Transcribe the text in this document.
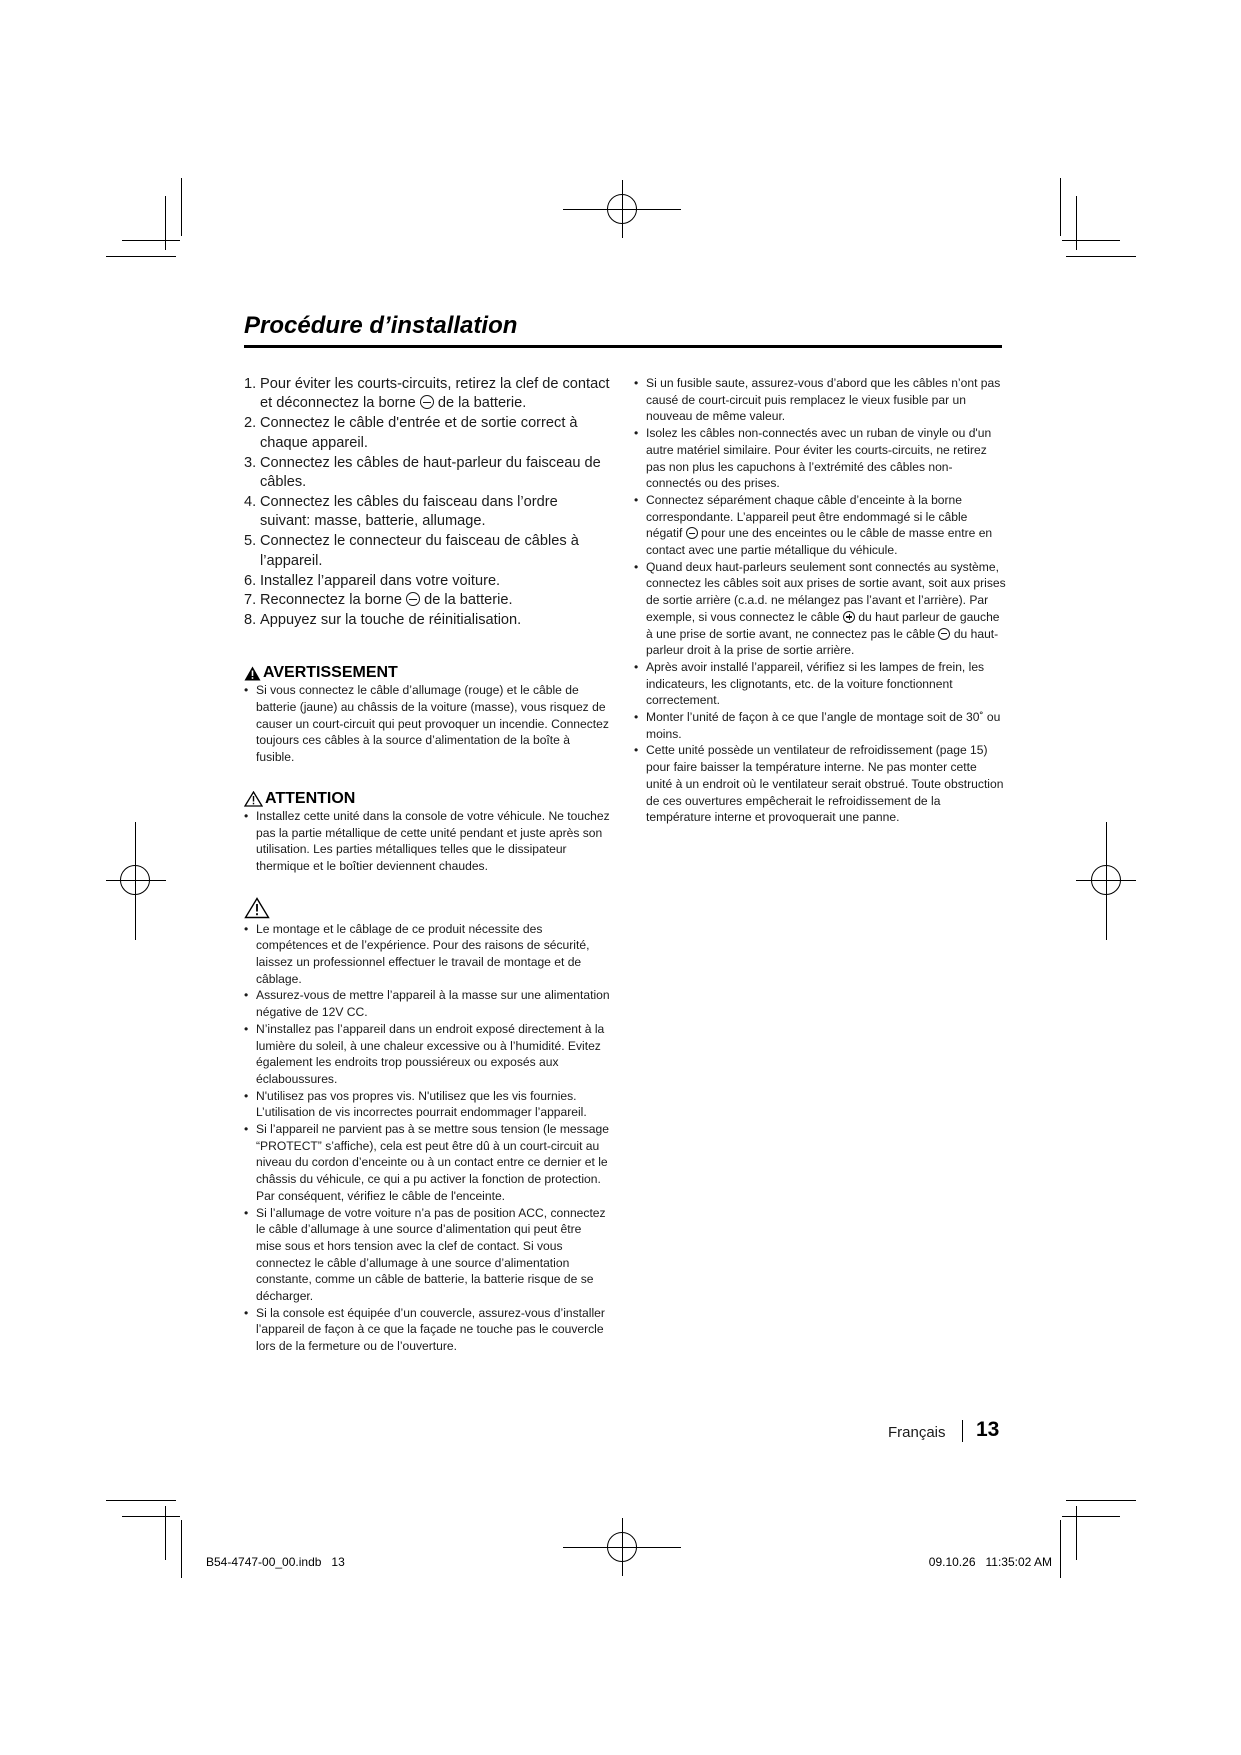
Procédure d’installation
1. Pour éviter les courts-circuits, retirez la clef de contact et déconnectez la borne  de la batterie.
2. Connectez le câble d'entrée et de sortie correct à chaque appareil.
3. Connectez les câbles de haut-parleur du faisceau de câbles.
4. Connectez les câbles du faisceau dans l’ordre suivant: masse, batterie, allumage.
5. Connectez le connecteur du faisceau de câbles à l’appareil.
6. Installez l’appareil dans votre voiture.
7. Reconnectez la borne  de la batterie.
8. Appuyez sur la touche de réinitialisation.
AVERTISSEMENT
• Si vous connectez le câble d’allumage (rouge) et le câble de batterie (jaune) au châssis de la voiture (masse), vous risquez de causer un court-circuit qui peut provoquer un incendie. Connectez toujours ces câbles à la source d’alimentation de la boîte à fusible.
ATTENTION
• Installez cette unité dans la console de votre véhicule. Ne touchez pas la partie métallique de cette unité pendant et juste après son utilisation. Les parties métalliques telles que le dissipateur thermique et le boîtier deviennent chaudes.
• Le montage et le câblage de ce produit nécessite des compétences et de l’expérience. Pour des raisons de sécurité, laissez un professionnel effectuer le travail de montage et de câblage.
• Assurez-vous de mettre l’appareil à la masse sur une alimentation négative de 12V CC.
• N’installez pas l’appareil dans un endroit exposé directement à la lumière du soleil, à une chaleur excessive ou à l’humidité. Evitez également les endroits trop poussiéreux ou exposés aux éclaboussures.
• N'utilisez pas vos propres vis. N'utilisez que les vis fournies. L’utilisation de vis incorrectes pourrait endommager l’appareil.
• Si l’appareil ne parvient pas à se mettre sous tension (le message “PROTECT” s’affiche), cela est peut être dû à un court-circuit au niveau du cordon d’enceinte ou à un contact entre ce dernier et le châssis du véhicule, ce qui a pu activer la fonction de protection. Par conséquent, vérifiez le câble de l'enceinte.
• Si l’allumage de votre voiture n’a pas de position ACC, connectez le câble d’allumage à une source d’alimentation qui peut être mise sous et hors tension avec la clef de contact. Si vous connectez le câble d’allumage à une source d’alimentation constante, comme un câble de batterie, la batterie risque de se décharger.
• Si la console est équipée d’un couvercle, assurez-vous d’installer l’appareil de façon à ce que la façade ne touche pas le couvercle lors de la fermeture ou de l’ouverture.
• Si un fusible saute, assurez-vous d’abord que les câbles n’ont pas causé de court-circuit puis remplacez le vieux fusible par un nouveau de même valeur.
• Isolez les câbles non-connectés avec un ruban de vinyle ou d'un autre matériel similaire. Pour éviter les courts-circuits, ne retirez pas non plus les capuchons à l’extrémité des câbles non-connectés ou des prises.
• Connectez séparément chaque câble d’enceinte à la borne correspondante. L’appareil peut être endommagé si le câble négatif  pour une des enceintes ou le câble de masse entre en contact avec une partie métallique du véhicule.
• Quand deux haut-parleurs seulement sont connectés au système, connectez les câbles soit aux prises de sortie avant, soit aux prises de sortie arrière (c.a.d. ne mélangez pas l’avant et l’arrière). Par exemple, si vous connectez le câble  du haut parleur de gauche à une prise de sortie avant, ne connectez pas le câble  du haut-parleur droit à la prise de sortie arrière.
• Après avoir installé l’appareil, vérifiez si les lampes de frein, les indicateurs, les clignotants, etc. de la voiture fonctionnent correctement.
• Monter l’unité de façon à ce que l’angle de montage soit de 30˚ ou moins.
• Cette unité possède un ventilateur de refroidissement (page 15) pour faire baisser la température interne. Ne pas monter cette unité à un endroit où le ventilateur serait obstrué. Toute obstruction de ces ouvertures empêcherait le refroidissement de la température interne et provoquerait une panne.
Français 13
B54-4747-00_00.indb   13	09.10.26   11:35:02 AM
